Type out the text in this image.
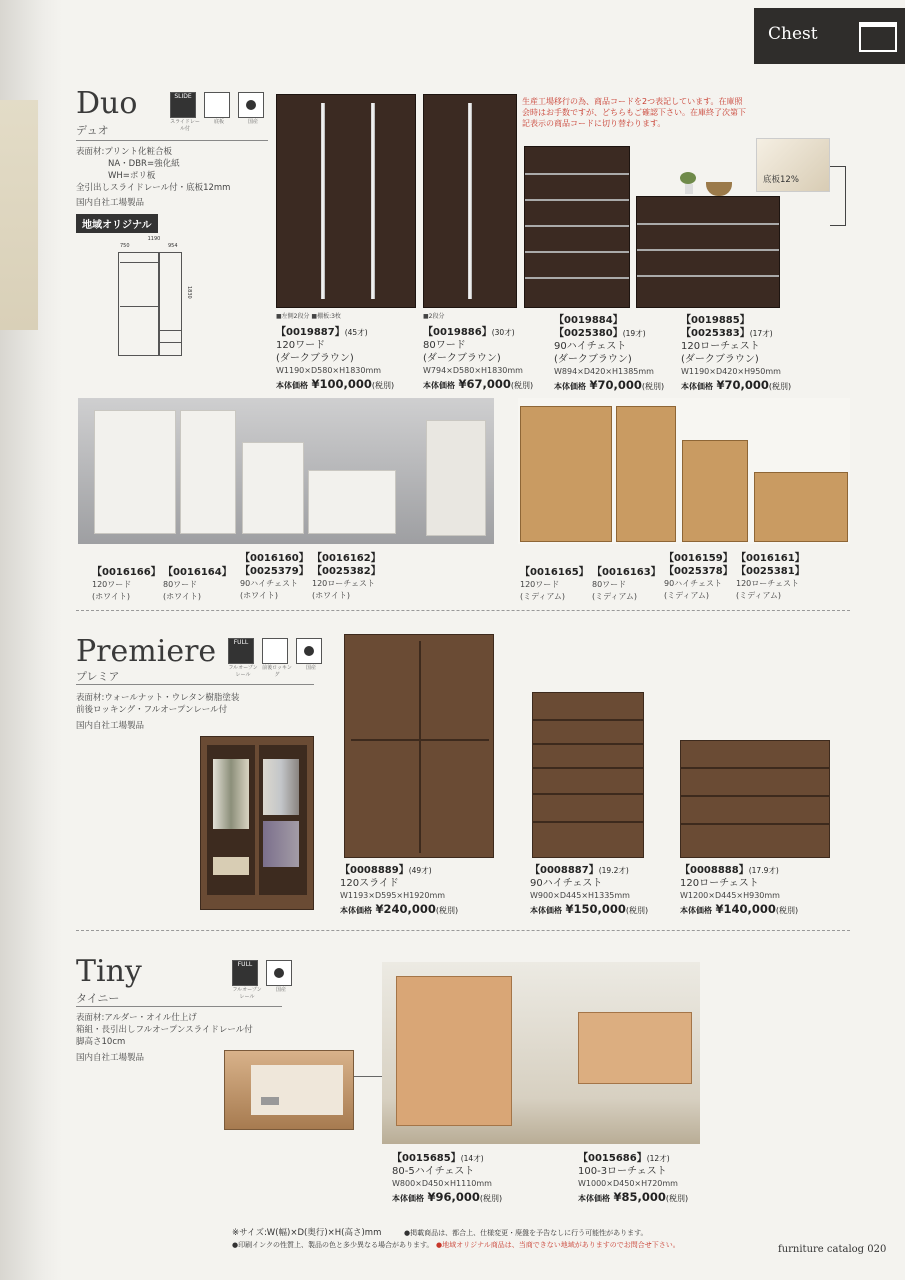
Chest
Duo
デュオ
SLIDE
スライドレール付
底板	国産
表面材:プリント化粧合板
NA・DBR=強化紙
WH=ポリ板
全引出しスライドレール付・底板12mm
国内自社工場製品
地域オリジナル
1190
750	954
1830
生産工場移行の為、商品コードを2つ表記しています。在庫照会時はお手数ですが、どちらもご確認下さい。在庫終了次第下記表示の商品コードに切り替わります。
底板12%
■左側2段分 ■棚板:3枚	■2段分
【0019887】(45才)
120ワード
(ダークブラウン)
W1190×D580×H1830mm
本体価格 ¥100,000(税別)
【0019886】(30才)
80ワード
(ダークブラウン)
W794×D580×H1830mm
本体価格 ¥67,000(税別)
【0019884】
【0025380】(19才)
90ハイチェスト
(ダークブラウン)
W894×D420×H1385mm
本体価格 ¥70,000(税別)
【0019885】
【0025383】(17才)
120ローチェスト
(ダークブラウン)
W1190×D420×H950mm
本体価格 ¥70,000(税別)
【0016166】
120ワード
(ホワイト)
【0016164】
80ワード
(ホワイト)
【0016160】
【0025379】
90ハイチェスト
(ホワイト)
【0016162】
【0025382】
120ローチェスト
(ホワイト)
【0016165】
120ワード
(ミディアム)
【0016163】
80ワード
(ミディアム)
【0016159】
【0025378】
90ハイチェスト
(ミディアム)
【0016161】
【0025381】
120ローチェスト
(ミディアム)
Premiere
プレミア
FULL
フルオープンレール
前後ロッキング
国産
表面材:ウォールナット・ウレタン樹脂塗装
前後ロッキング・フルオープンレール付
国内自社工場製品
【0008889】(49才)
120スライド
W1193×D595×H1920mm
本体価格 ¥240,000(税別)
【0008887】(19.2才)
90ハイチェスト
W900×D445×H1335mm
本体価格 ¥150,000(税別)
【0008888】(17.9才)
120ローチェスト
W1200×D445×H930mm
本体価格 ¥140,000(税別)
Tiny
タイニー
FULL
フルオープンレール
国産
表面材:アルダー・オイル仕上げ
箱組・長引出しフルオープンスライドレール付
脚高さ10cm
国内自社工場製品
【0015685】(14才)
80-5ハイチェスト
W800×D450×H1110mm
本体価格 ¥96,000(税別)
【0015686】(12才)
100-3ローチェスト
W1000×D450×H720mm
本体価格 ¥85,000(税別)
※サイズ:W(幅)×D(奥行)×H(高さ)mm	●掲載商品は、都合上、仕様変更・廃盤を予告なしに行う可能性があります。
●印刷インクの性質上、製品の色と多少異なる場合があります。 ●地域オリジナル商品は、当商できない地域がありますのでお問合せ下さい。	furniture catalog 020
